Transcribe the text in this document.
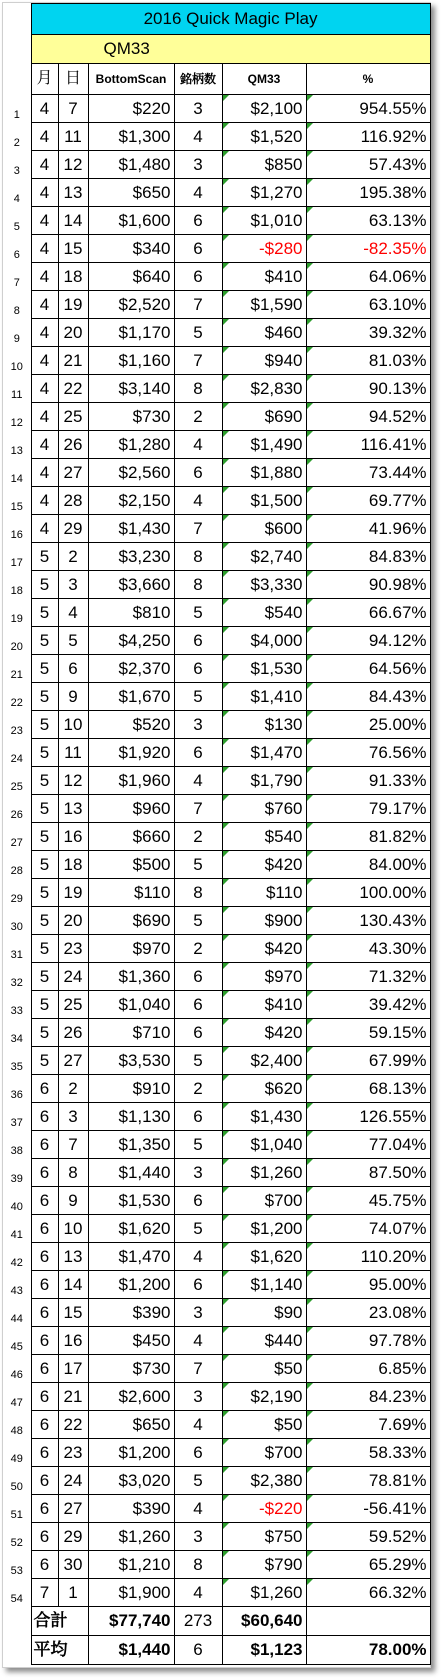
	2016 Quick Magic Play					
	QM33					
	月	日	BottomScan	銘柄数	QM33	%
1	4	7	$220	3	$2,100	954.55%
2	4	11	$1,300	4	$1,520	116.92%
3	4	12	$1,480	3	$850	57.43%
4	4	13	$650	4	$1,270	195.38%
5	4	14	$1,600	6	$1,010	63.13%
6	4	15	$340	6	-$280	-82.35%
7	4	18	$640	6	$410	64.06%
8	4	19	$2,520	7	$1,590	63.10%
9	4	20	$1,170	5	$460	39.32%
10	4	21	$1,160	7	$940	81.03%
11	4	22	$3,140	8	$2,830	90.13%
12	4	25	$730	2	$690	94.52%
13	4	26	$1,280	4	$1,490	116.41%
14	4	27	$2,560	6	$1,880	73.44%
15	4	28	$2,150	4	$1,500	69.77%
16	4	29	$1,430	7	$600	41.96%
17	5	2	$3,230	8	$2,740	84.83%
18	5	3	$3,660	8	$3,330	90.98%
19	5	4	$810	5	$540	66.67%
20	5	5	$4,250	6	$4,000	94.12%
21	5	6	$2,370	6	$1,530	64.56%
22	5	9	$1,670	5	$1,410	84.43%
23	5	10	$520	3	$130	25.00%
24	5	11	$1,920	6	$1,470	76.56%
25	5	12	$1,960	4	$1,790	91.33%
26	5	13	$960	7	$760	79.17%
27	5	16	$660	2	$540	81.82%
28	5	18	$500	5	$420	84.00%
29	5	19	$110	8	$110	100.00%
30	5	20	$690	5	$900	130.43%
31	5	23	$970	2	$420	43.30%
32	5	24	$1,360	6	$970	71.32%
33	5	25	$1,040	6	$410	39.42%
34	5	26	$710	6	$420	59.15%
35	5	27	$3,530	5	$2,400	67.99%
36	6	2	$910	2	$620	68.13%
37	6	3	$1,130	6	$1,430	126.55%
38	6	7	$1,350	5	$1,040	77.04%
39	6	8	$1,440	3	$1,260	87.50%
40	6	9	$1,530	6	$700	45.75%
41	6	10	$1,620	5	$1,200	74.07%
42	6	13	$1,470	4	$1,620	110.20%
43	6	14	$1,200	6	$1,140	95.00%
44	6	15	$390	3	$90	23.08%
45	6	16	$450	4	$440	97.78%
46	6	17	$730	7	$50	6.85%
47	6	21	$2,600	3	$2,190	84.23%
48	6	22	$650	4	$50	7.69%
49	6	23	$1,200	6	$700	58.33%
50	6	24	$3,020	5	$2,380	78.81%
51	6	27	$390	4	-$220	-56.41%
52	6	29	$1,260	3	$750	59.52%
53	6	30	$1,210	8	$790	65.29%
54	7	1	$1,900	4	$1,260	66.32%
	合計		$77,740	273	$60,640	
	平均		$1,440	6	$1,123	78.00%
